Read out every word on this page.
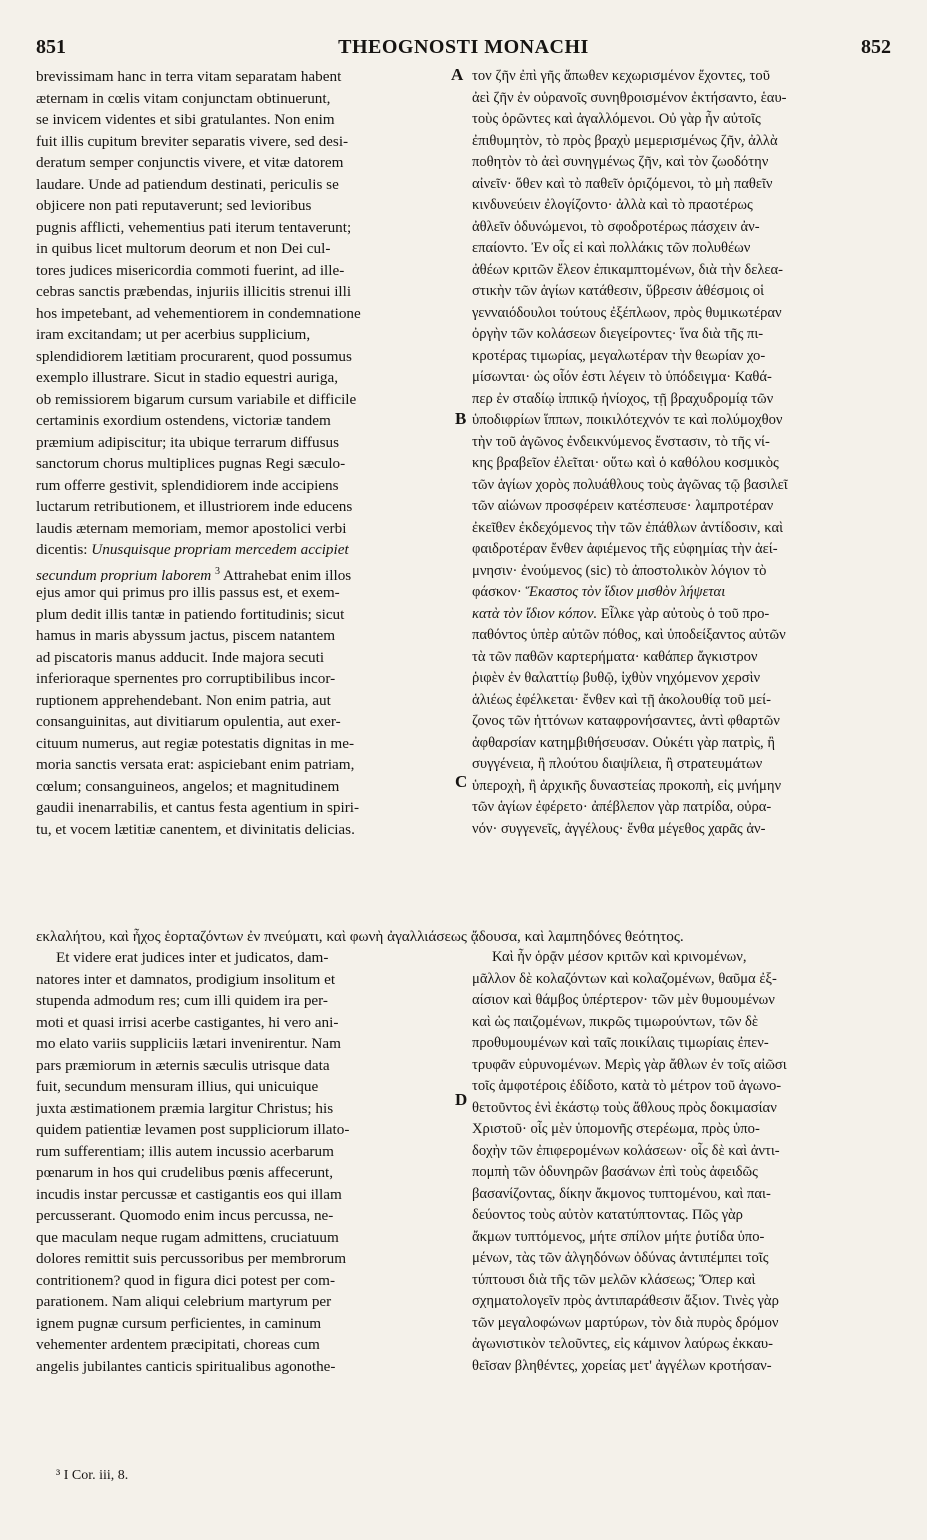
851	THEOGNOSTI MONACHI	852
A
B
C
D
brevissimam hanc in terra vitam separatam habent
æternam in cœlis vitam conjunctam obtinuerunt,
se invicem videntes et sibi gratulantes. Non enim
fuit illis cupitum breviter separatis vivere, sed desi-
deratum semper conjunctis vivere, et vitæ datorem
laudare. Unde ad patiendum destinati, periculis se
objicere non pati reputaverunt; sed levioribus
pugnis afflicti, vehementius pati iterum tentaverunt;
in quibus licet multorum deorum et non Dei cul-
tores judices misericordia commoti fuerint, ad ille-
cebras sanctis præbendas, injuriis illicitis strenui illi
hos impetebant, ad vehementiorem in condemnatione
iram excitandam; ut per acerbius supplicium,
splendidiorem lætitiam procurarent, quod possumus
exemplo illustrare. Sicut in stadio equestri auriga,
ob remissiorem bigarum cursum variabile et difficile
certaminis exordium ostendens, victoriæ tandem
præmium adipiscitur; ita ubique terrarum diffusus
sanctorum chorus multiplices pugnas Regi sæculo-
rum offerre gestivit, splendidiorem inde accipiens
luctarum retributionem, et illustriorem inde educens
laudis æternam memoriam, memor apostolici verbi
dicentis: Unusquisque propriam mercedem accipiet
secundum proprium laborem $^3$ Attrahebat enim illos
ejus amor qui primus pro illis passus est, et exem-
plum dedit illis tantæ in patiendo fortitudinis; sicut
hamus in maris abyssum jactus, piscem natantem
ad piscatoris manus adducit. Inde majora secuti
inferioraque spernentes pro corruptibilibus incor-
ruptionem apprehendebant. Non enim patria, aut
consanguinitas, aut divitiarum opulentia, aut exer-
cituum numerus, aut regiæ potestatis dignitas in me-
moria sanctis versata erat: aspiciebant enim patriam,
cœlum; consanguineos, angelos; et magnitudinem
gaudii inenarrabilis, et cantus festa agentium in spiri-
tu, et vocem lætitiæ canentem, et divinitatis delicias.
τον ζῆν ἐπὶ γῆς ἄπωθεν κεχωρισμένον ἔχοντες, τοῦ
ἀεὶ ζῆν ἐν οὐρανοῖς συνηθροισμένον ἐκτήσαντο, ἑαυ-
τοὺς ὁρῶντες καὶ ἀγαλλόμενοι. Οὐ γὰρ ἦν αὐτοῖς
ἐπιθυμητὸν, τὸ πρὸς βραχὺ μεμερισμένως ζῆν, ἀλλὰ
ποθητὸν τὸ ἀεὶ συνηγμένως ζῆν, καὶ τὸν ζωοδότην
αἰνεῖν· ὅθεν καὶ τὸ παθεῖν ὁριζόμενοι, τὸ μὴ παθεῖν
κινδυνεύειν ἐλογίζοντο· ἀλλὰ καὶ τὸ πραοτέρως
ἀθλεῖν ὀδυνώμενοι, τὸ σφοδροτέρως πάσχειν ἀν-
επαίοντο. Ἐν οἷς εἰ καὶ πολλάκις τῶν πολυθέων
ἀθέων κριτῶν ἔλεον ἐπικαμπτομένων, διὰ τὴν δελεα-
στικὴν τῶν ἁγίων κατάθεσιν, ὕβρεσιν ἀθέσμοις οἱ
γενναιόδουλοι τούτους ἐξέπλωον, πρὸς θυμικωτέραν
ὀργὴν τῶν κολάσεων διεγείροντες· ἵνα διὰ τῆς πι-
κροτέρας τιμωρίας, μεγαλωτέραν τὴν θεωρίαν χο-
μίσωνται· ὡς οἷόν ἐστι λέγειν τὸ ὑπόδειγμα· Καθά-
περ ἐν σταδίῳ ἱππικῷ ἡνίοχος, τῇ βραχυδρομίᾳ τῶν
ὑποδιφρίων ἵππων, ποικιλότεχνόν τε καὶ πολύμοχθον
τὴν τοῦ ἀγῶνος ἐνδεικνύμενος ἔνστασιν, τὸ τῆς νί-
κης βραβεῖον ἐλεῖται· οὕτω καὶ ὁ καθόλου κοσμικὸς
τῶν ἁγίων χορὸς πολυάθλους τοὺς ἀγῶνας τῷ βασιλεῖ
τῶν αἰώνων προσφέρειν κατέσπευσε· λαμπροτέραν
ἐκεῖθεν ἐκδεχόμενος τὴν τῶν ἐπάθλων ἀντίδοσιν, καὶ
φαιδροτέραν ἔνθεν ἀφιέμενος τῆς εὐφημίας τὴν ἀεί-
μνησιν· ἐνούμενος (sic) τὸ ἀποστολικὸν λόγιον τὸ
φάσκον· Ἕκαστος τὸν ἴδιον μισθὸν λήψεται
κατὰ τὸν ἴδιον κόπον. Εἷλκε γὰρ αὐτοὺς ὁ τοῦ προ-
παθόντος ὑπὲρ αὐτῶν πόθος, καὶ ὑποδείξαντος αὐτῶν
τὰ τῶν παθῶν καρτερήματα· καθάπερ ἄγκιστρον
ῥιφὲν ἐν θαλαττίῳ βυθῷ, ἰχθὺν νηχόμενον χερσὶν
ἁλιέως ἐφέλκεται· ἔνθεν καὶ τῇ ἀκολουθίᾳ τοῦ μεί-
ζονος τῶν ἡττόνων καταφρονήσαντες, ἀντὶ φθαρτῶν
ἀφθαρσίαν κατημβιθήσευσαν. Οὐκέτι γὰρ πατρὶς, ἢ
συγγένεια, ἢ πλούτου διαψίλεια, ἢ στρατευμάτων
ὑπεροχὴ, ἢ ἀρχικῆς δυναστείας προκοπὴ, εἰς μνήμην
τῶν ἁγίων ἐφέρετο· ἀπέβλεπον γὰρ πατρίδα, οὐρα-
νόν· συγγενεῖς, ἀγγέλους· ἔνθα μέγεθος χαρᾶς ἀν-
εκλαλήτου, καὶ ἦχος ἑορταζόντων ἐν πνεύματι, καὶ φωνὴ ἀγαλλιάσεως ᾄδουσα, καὶ λαμπηδόνες θεότητος.
Et videre erat judices inter et judicatos, dam-
natores inter et damnatos, prodigium insolitum et
stupenda admodum res; cum illi quidem ira per-
moti et quasi irrisi acerbe castigantes, hi vero ani-
mo elato variis suppliciis lætari invenirentur. Nam
pars præmiorum in æternis sæculis utrisque data
fuit, secundum mensuram illius, qui unicuique
juxta æstimationem præmia largitur Christus; his
quidem patientiæ levamen post suppliciorum illato-
rum sufferentiam; illis autem incussio acerbarum
pœnarum in hos qui crudelibus pœnis affecerunt,
incudis instar percussæ et castigantis eos qui illam
percusserant. Quomodo enim incus percussa, ne-
que maculam neque rugam admittens, cruciatuum
dolores remittit suis percussoribus per membrorum
contritionem? quod in figura dici potest per com-
parationem. Nam aliqui celebrium martyrum per
ignem pugnæ cursum perficientes, in caminum
vehementer ardentem præcipitati, choreas cum
angelis jubilantes canticis spiritualibus agonothe-
Καὶ ἦν ὁρᾷν μέσον κριτῶν καὶ κρινομένων,
μᾶλλον δὲ κολαζόντων καὶ κολαζομένων, θαῦμα ἐξ-
αίσιον καὶ θάμβος ὑπέρτερον· τῶν μὲν θυμουμένων
καὶ ὡς παιζομένων, πικρῶς τιμωρούντων, τῶν δὲ
προθυμουμένων καὶ ταῖς ποικίλαις τιμωρίαις ἐπεν-
τρυφᾶν εὑρυνομένων. Μερὶς γὰρ ἄθλων ἐν τοῖς αἰῶσι
τοῖς ἀμφοτέροις ἐδίδοτο, κατὰ τὸ μέτρον τοῦ ἀγωνο-
θετοῦντος ἑνὶ ἑκάστῳ τοὺς ἄθλους πρὸς δοκιμασίαν
Χριστοῦ· οἷς μὲν ὑπομονῆς στερέωμα, πρὸς ὑπο-
δοχὴν τῶν ἐπιφερομένων κολάσεων· οἷς δὲ καὶ ἀντι-
πομπὴ τῶν ὀδυνηρῶν βασάνων ἐπὶ τοὺς ἀφειδῶς
βασανίζοντας, δίκην ἄκμονος τυπτομένου, καὶ παι-
δεύοντος τοὺς αὐτὸν κατατύπτοντας. Πῶς γὰρ
ἄκμων τυπτόμενος, μήτε σπίλον μήτε ῥυτίδα ὑπο-
μένων, τὰς τῶν ἀλγηδόνων ὀδύνας ἀντιπέμπει τοῖς
τύπτουσι διὰ τῆς τῶν μελῶν κλάσεως; Ὅπερ καὶ
σχηματολογεῖν πρὸς ἀντιπαράθεσιν ἄξιον. Τινὲς γὰρ
τῶν μεγαλοφώνων μαρτύρων, τὸν διὰ πυρὸς δρόμον
ἀγωνιστικὸν τελοῦντες, εἰς κάμινον λαύρως ἐκκαυ-
θεῖσαν βληθέντες, χορείας μετ' ἀγγέλων κροτήσαν-
³ I Cor. iii, 8.
